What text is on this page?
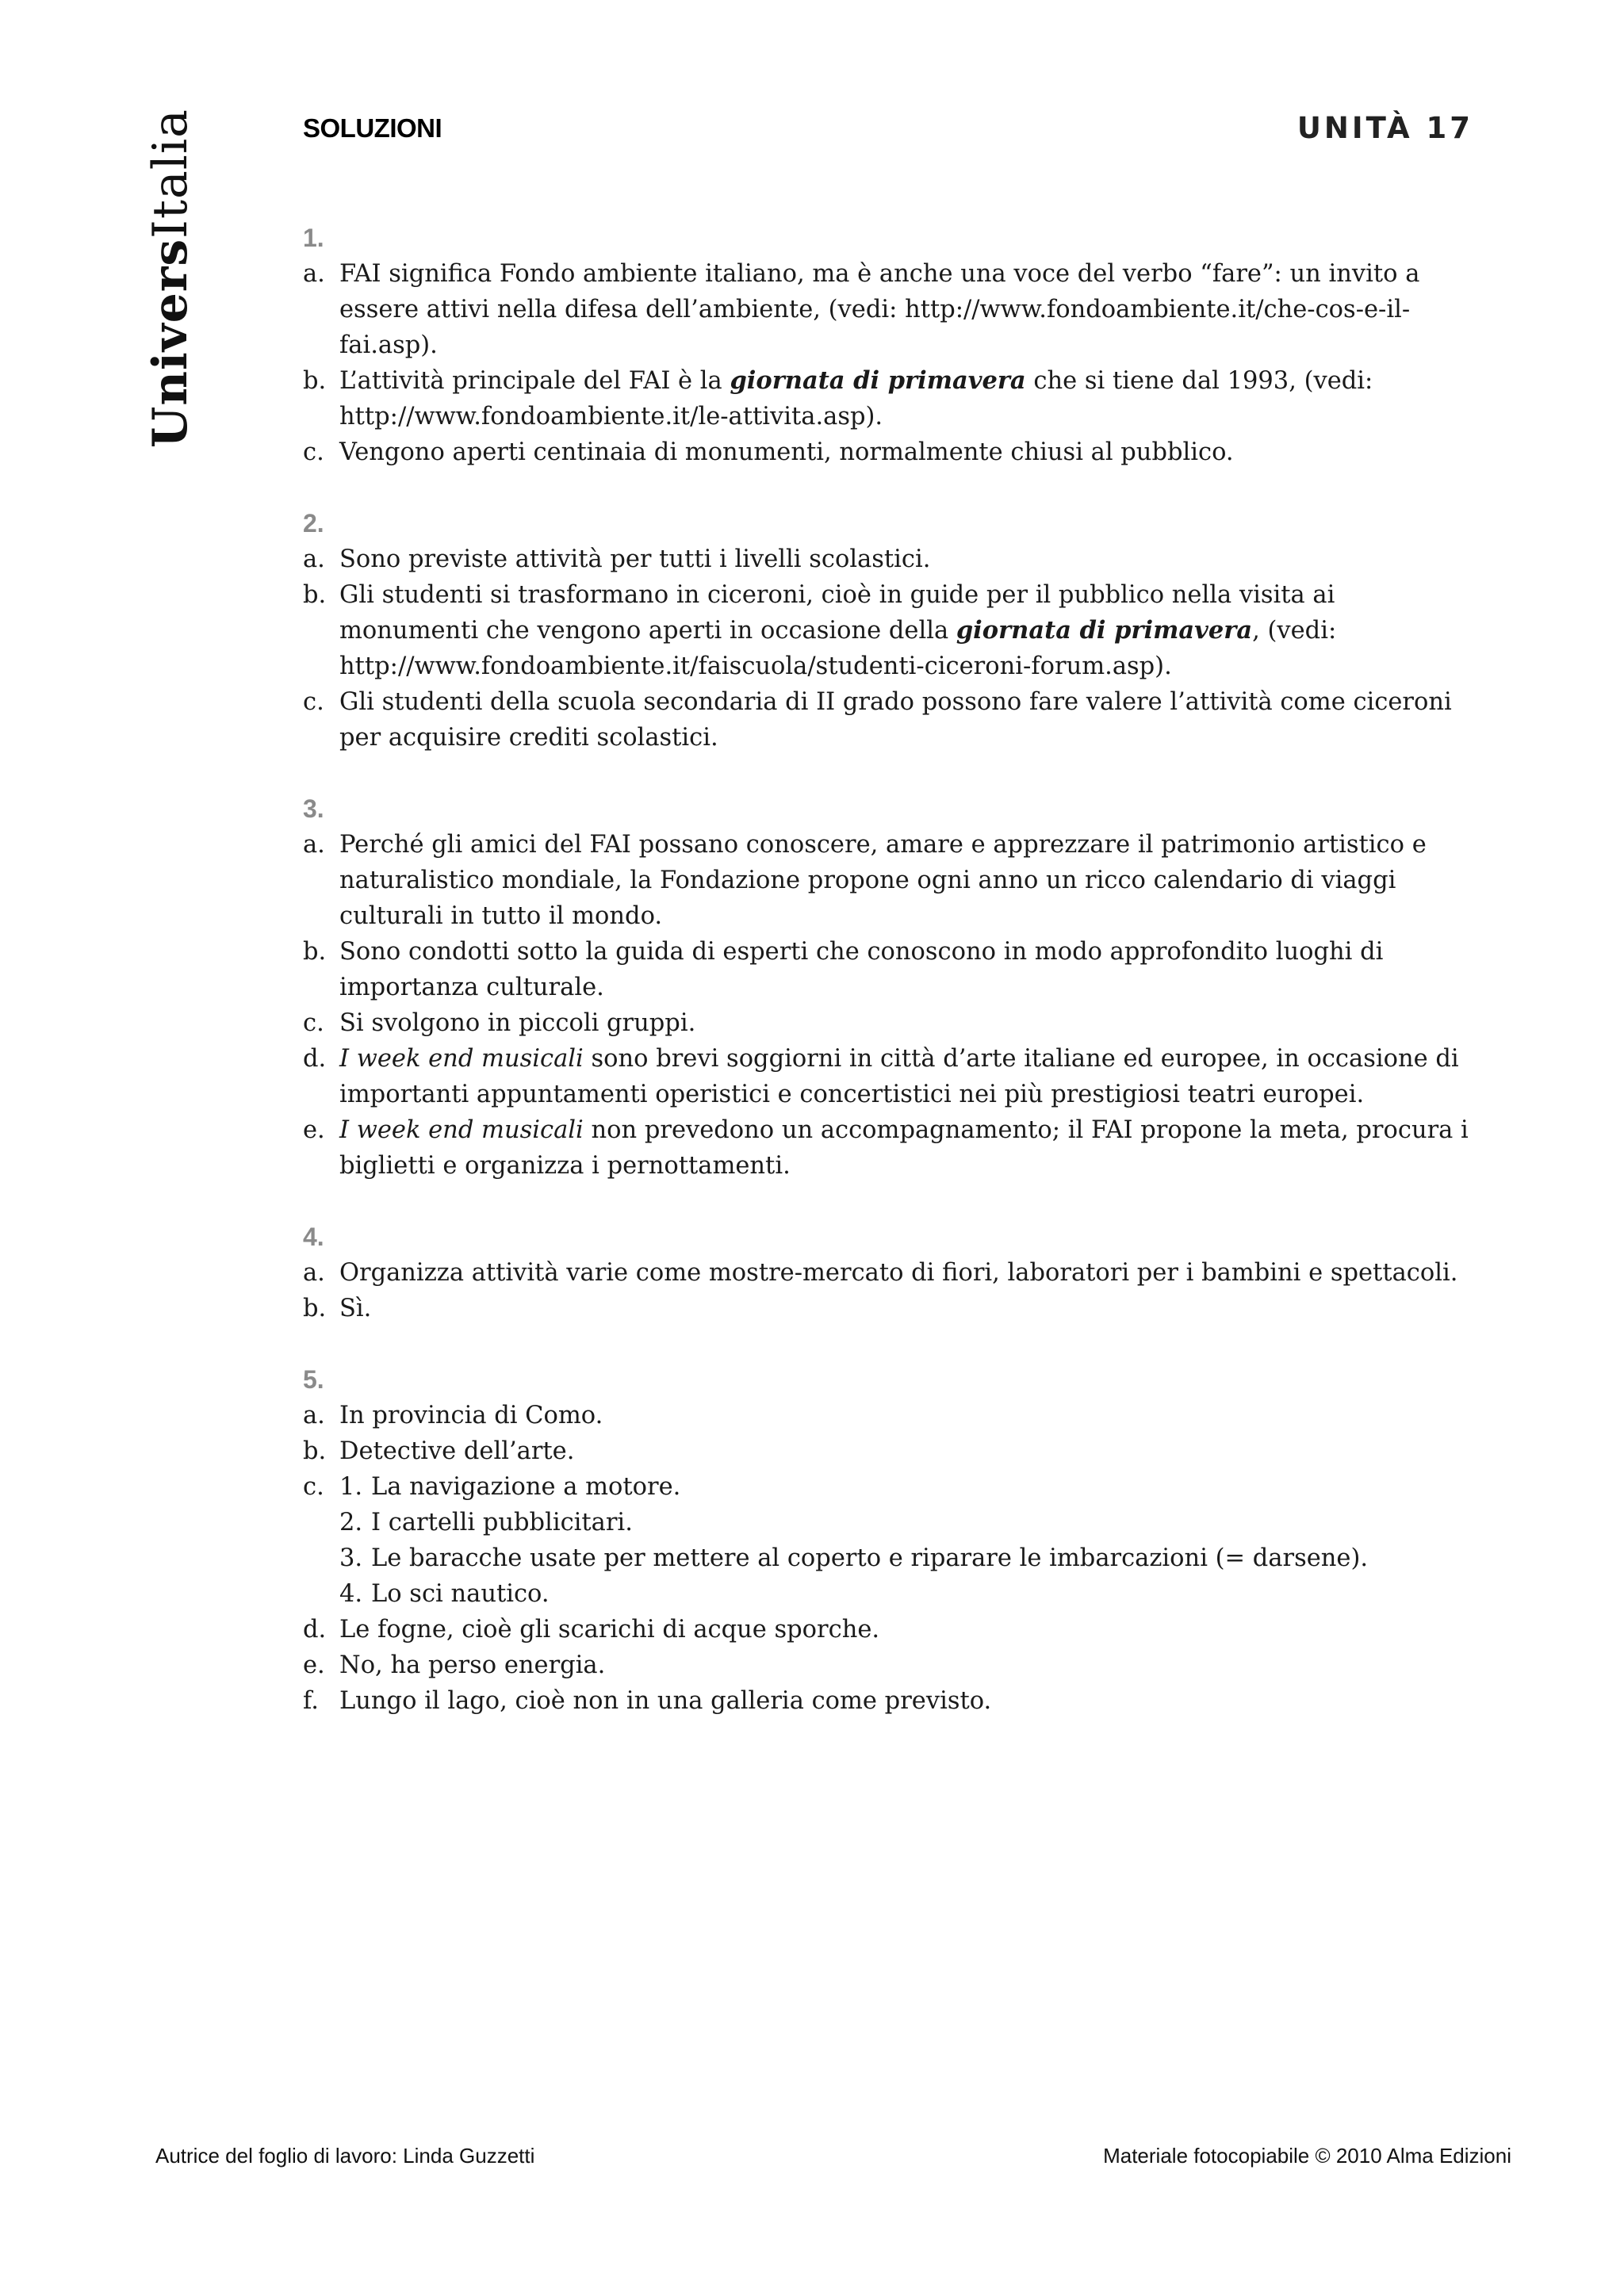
UniversItalia	SOLUZIONI	UNITÀ 17
1.
a. FAI significa Fondo ambiente italiano, ma è anche una voce del verbo “fare”: un invito a essere attivi nella difesa dell’ambiente, (vedi: http://www.fondoambiente.it/che-cos-e-il-fai.asp).
b. L’attività principale del FAI è la giornata di primavera che si tiene dal 1993, (vedi: http://www.fondoambiente.it/le-attivita.asp).
c. Vengono aperti centinaia di monumenti, normalmente chiusi al pubblico.
2.
a. Sono previste attività per tutti i livelli scolastici.
b. Gli studenti si trasformano in ciceroni, cioè in guide per il pubblico nella visita ai monumenti che vengono aperti in occasione della giornata di primavera, (vedi: http://www.fondoambiente.it/faiscuola/studenti-ciceroni-forum.asp).
c. Gli studenti della scuola secondaria di II grado possono fare valere l’attività come ciceroni per acquisire crediti scolastici.
3.
a. Perché gli amici del FAI possano conoscere, amare e apprezzare il patrimonio artistico e naturalistico mondiale, la Fondazione propone ogni anno un ricco calendario di viaggi culturali in tutto il mondo.
b. Sono condotti sotto la guida di esperti che conoscono in modo approfondito luoghi di importanza culturale.
c. Si svolgono in piccoli gruppi.
d. I week end musicali sono brevi soggiorni in città d’arte italiane ed europee, in occasione di importanti appuntamenti operistici e concertistici nei più prestigiosi teatri europei.
e. I week end musicali non prevedono un accompagnamento; il FAI propone la meta, procura i biglietti e organizza i pernottamenti.
4.
a. Organizza attività varie come mostre-mercato di fiori, laboratori per i bambini e spettacoli.
b. Sì.
5.
a. In provincia di Como.
b. Detective dell’arte.
c. 1. La navigazione a motore.
2. I cartelli pubblicitari.
3. Le baracche usate per mettere al coperto e riparare le imbarcazioni (= darsene).
4. Lo sci nautico.
d. Le fogne, cioè gli scarichi di acque sporche.
e. No, ha perso energia.
f. Lungo il lago, cioè non in una galleria come previsto.
Autrice del foglio di lavoro: Linda Guzzetti	Materiale fotocopiabile © 2010 Alma Edizioni
